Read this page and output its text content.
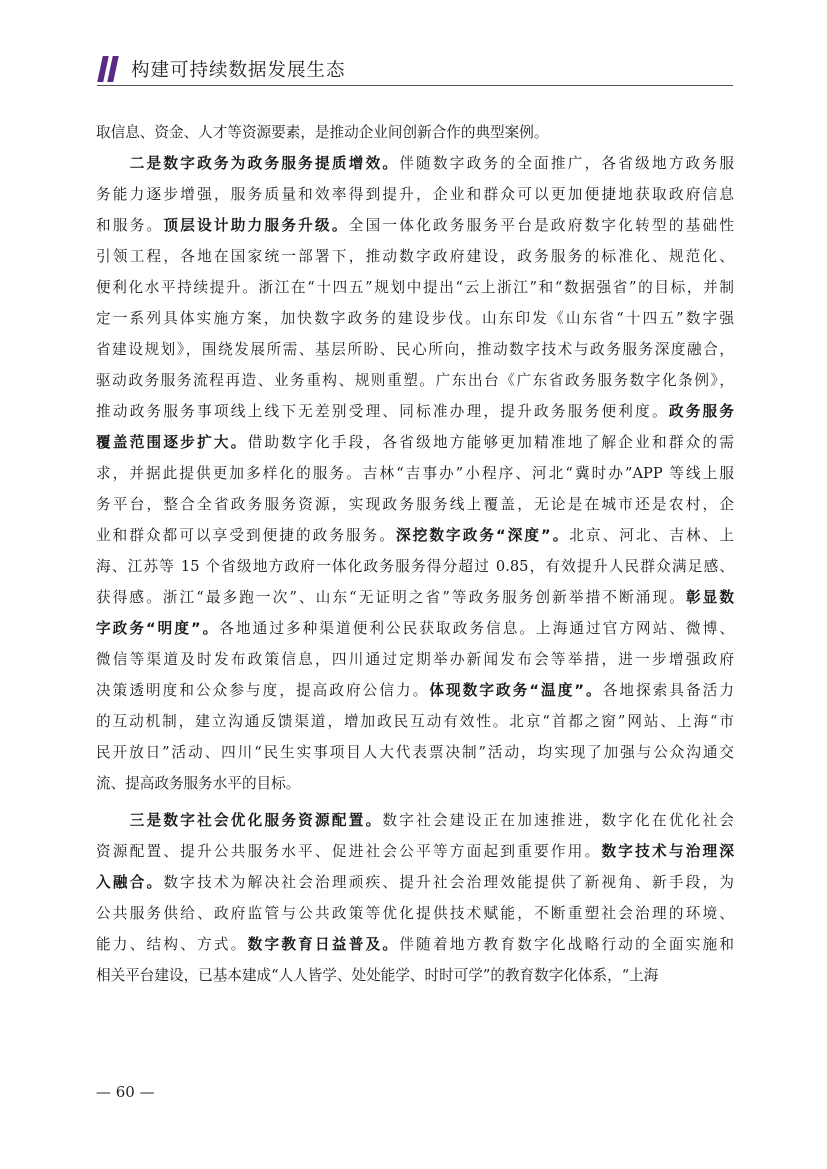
构建可持续数据发展生态
取信息、资金、人才等资源要素，是推动企业间创新合作的典型案例。
　　二是数字政务为政务服务提质增效。伴随数字政务的全面推广，各省级地方政务服
务能力逐步增强，服务质量和效率得到提升，企业和群众可以更加便捷地获取政府信息
和服务。顶层设计助力服务升级。全国一体化政务服务平台是政府数字化转型的基础性
引领工程，各地在国家统一部署下，推动数字政府建设，政务服务的标准化、规范化、
便利化水平持续提升。浙江在“十四五”规划中提出“云上浙江”和“数据强省”的目标，并制
定一系列具体实施方案，加快数字政务的建设步伐。山东印发《山东省“十四五”数字强
省建设规划》，围绕发展所需、基层所盼、民心所向，推动数字技术与政务服务深度融合，
驱动政务服务流程再造、业务重构、规则重塑。广东出台《广东省政务服务数字化条例》，
推动政务服务事项线上线下无差别受理、同标准办理，提升政务服务便利度。政务服务
覆盖范围逐步扩大。借助数字化手段，各省级地方能够更加精准地了解企业和群众的需
求，并据此提供更加多样化的服务。吉林“吉事办”小程序、河北“冀时办”APP 等线上服
务平台，整合全省政务服务资源，实现政务服务线上覆盖，无论是在城市还是农村，企
业和群众都可以享受到便捷的政务服务。深挖数字政务“深度”。北京、河北、吉林、上
海、江苏等 15 个省级地方政府一体化政务服务得分超过 0.85，有效提升人民群众满足感、
获得感。浙江“最多跑一次”、山东“无证明之省”等政务服务创新举措不断涌现。彰显数
字政务“明度”。各地通过多种渠道便利公民获取政务信息。上海通过官方网站、微博、
微信等渠道及时发布政策信息，四川通过定期举办新闻发布会等举措，进一步增强政府
决策透明度和公众参与度，提高政府公信力。体现数字政务“温度”。各地探索具备活力
的互动机制，建立沟通反馈渠道，增加政民互动有效性。北京“首都之窗”网站、上海“市
民开放日”活动、四川“民生实事项目人大代表票决制”活动，均实现了加强与公众沟通交
流、提高政务服务水平的目标。
　　三是数字社会优化服务资源配置。数字社会建设正在加速推进，数字化在优化社会
资源配置、提升公共服务水平、促进社会公平等方面起到重要作用。数字技术与治理深
入融合。数字技术为解决社会治理顽疾、提升社会治理效能提供了新视角、新手段，为
公共服务供给、政府监管与公共政策等优化提供技术赋能，不断重塑社会治理的环境、
能力、结构、方式。数字教育日益普及。伴随着地方教育数字化战略行动的全面实施和
相关平台建设，已基本建成“人人皆学、处处能学、时时可学”的教育数字化体系，“上海
— 60 —
